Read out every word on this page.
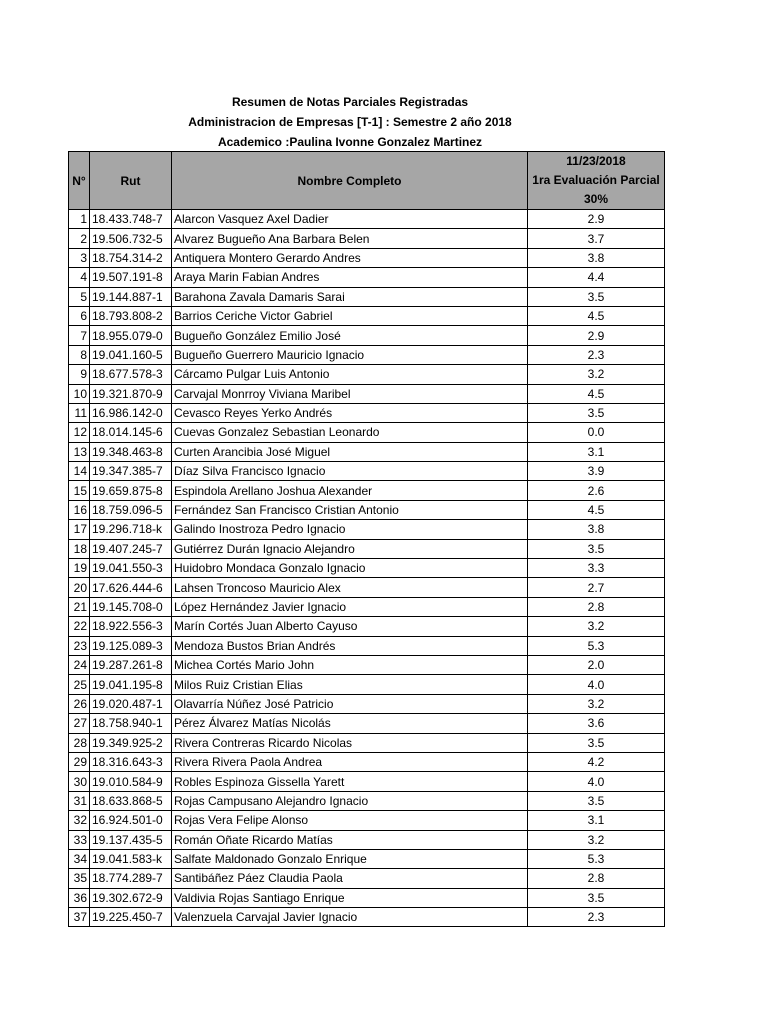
Resumen de Notas Parciales Registradas
Administracion de Empresas [T-1] : Semestre 2 año 2018
Academico :Paulina Ivonne Gonzalez Martinez
N°	Rut	Nombre Completo	11/23/2018
1ra Evaluación Parcial
30%

1	18.433.748-7	Alarcon Vasquez Axel Dadier	2.9
2	19.506.732-5	Alvarez Bugueño Ana Barbara Belen	3.7
3	18.754.314-2	Antiquera Montero Gerardo Andres	3.8
4	19.507.191-8	Araya Marin Fabian Andres	4.4
5	19.144.887-1	Barahona Zavala Damaris Sarai	3.5
6	18.793.808-2	Barrios Ceriche Victor Gabriel	4.5
7	18.955.079-0	Bugueño González Emilio José	2.9
8	19.041.160-5	Bugueño Guerrero Mauricio Ignacio	2.3
9	18.677.578-3	Cárcamo Pulgar Luis Antonio	3.2
10	19.321.870-9	Carvajal Monrroy Viviana Maribel	4.5
11	16.986.142-0	Cevasco Reyes Yerko Andrés	3.5
12	18.014.145-6	Cuevas Gonzalez Sebastian Leonardo	0.0
13	19.348.463-8	Curten Arancibia José Miguel	3.1
14	19.347.385-7	Díaz Silva Francisco Ignacio	3.9
15	19.659.875-8	Espindola Arellano Joshua Alexander	2.6
16	18.759.096-5	Fernández San Francisco Cristian Antonio	4.5
17	19.296.718-k	Galindo Inostroza Pedro Ignacio	3.8
18	19.407.245-7	Gutiérrez Durán Ignacio Alejandro	3.5
19	19.041.550-3	Huidobro Mondaca Gonzalo Ignacio	3.3
20	17.626.444-6	Lahsen Troncoso Mauricio Alex	2.7
21	19.145.708-0	López Hernández Javier Ignacio	2.8
22	18.922.556-3	Marín Cortés Juan Alberto Cayuso	3.2
23	19.125.089-3	Mendoza Bustos Brian Andrés	5.3
24	19.287.261-8	Michea Cortés Mario John	2.0
25	19.041.195-8	Milos Ruiz Cristian Elias	4.0
26	19.020.487-1	Olavarría Núñez José Patricio	3.2
27	18.758.940-1	Pérez Álvarez Matías Nicolás	3.6
28	19.349.925-2	Rivera Contreras Ricardo Nicolas	3.5
29	18.316.643-3	Rivera Rivera Paola Andrea	4.2
30	19.010.584-9	Robles Espinoza Gissella Yarett	4.0
31	18.633.868-5	Rojas Campusano Alejandro Ignacio	3.5
32	16.924.501-0	Rojas Vera Felipe Alonso	3.1
33	19.137.435-5	Román Oñate Ricardo Matías	3.2
34	19.041.583-k	Salfate Maldonado Gonzalo Enrique	5.3
35	18.774.289-7	Santibáñez Páez Claudia Paola	2.8
36	19.302.672-9	Valdivia Rojas Santiago Enrique	3.5
37	19.225.450-7	Valenzuela Carvajal Javier Ignacio	2.3
